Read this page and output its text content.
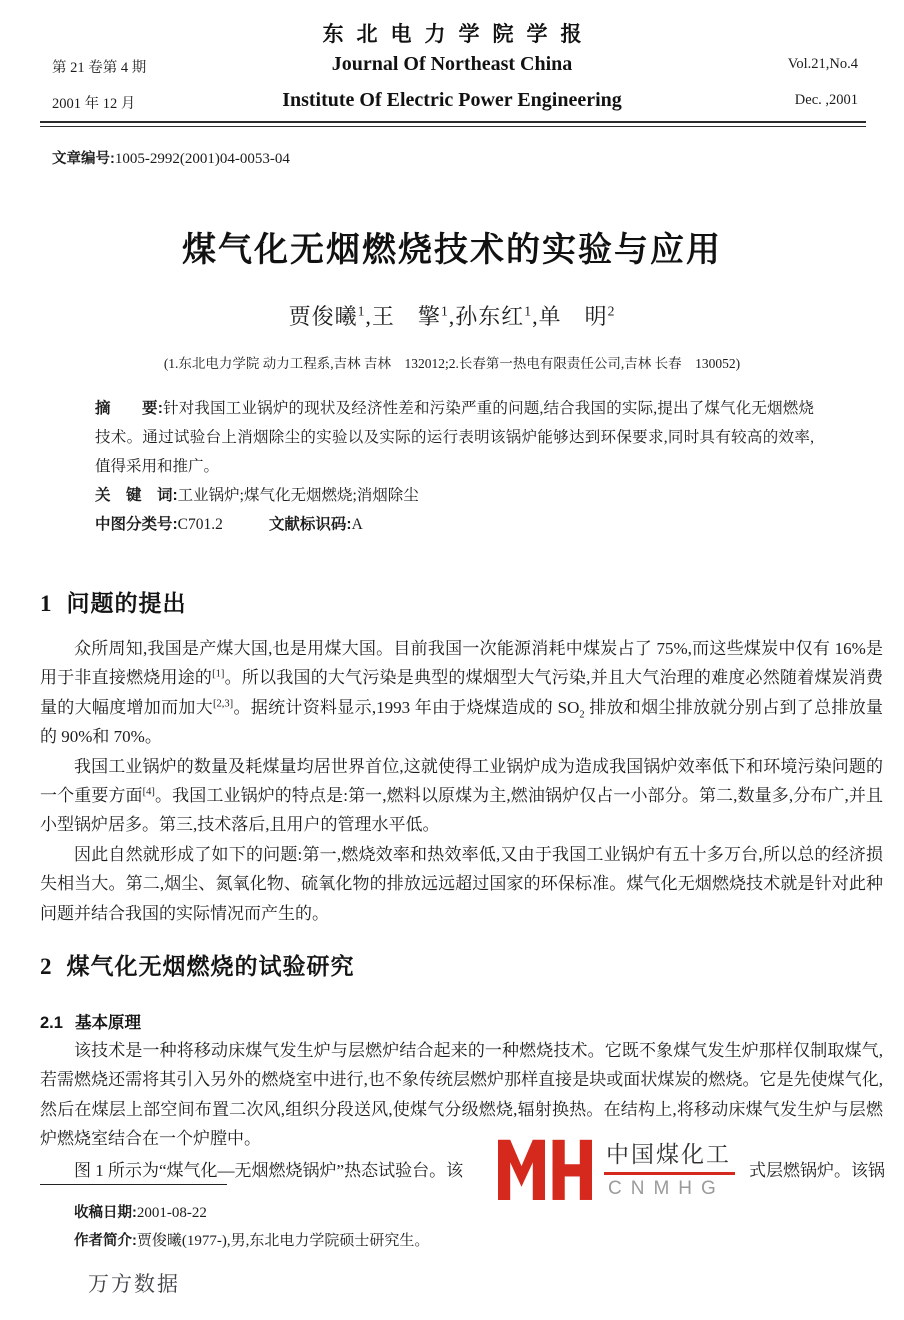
东北电力学院学报
第 21 卷第 4 期	Journal Of Northeast China	Vol.21,No.4
2001 年 12 月	Institute Of Electric Power Engineering	Dec. ,2001
文章编号:1005-2992(2001)04-0053-04
煤气化无烟燃烧技术的实验与应用
贾俊曦$^1$,王　擎$^1$,孙东红$^1$,单　明$^2$
(1.东北电力学院 动力工程系,吉林 吉林　132012;2.长春第一热电有限责任公司,吉林 长春　130052)

摘　　要:针对我国工业锅炉的现状及经济性差和污染严重的问题,结合我国的实际,提出了煤气化无烟燃烧技术。通过试验台上消烟除尘的实验以及实际的运行表明该锅炉能够达到环保要求,同时具有较高的效率,值得采用和推广。

关　键　词:工业锅炉;煤气化无烟燃烧;消烟除尘

中图分类号:C701.2	文献标识码:A

1 问题的提出

众所周知,我国是产煤大国,也是用煤大国。目前我国一次能源消耗中煤炭占了 75%,而这些煤炭中仅有 16%是用于非直接燃烧用途的[1]。所以我国的大气污染是典型的煤烟型大气污染,并且大气治理的难度必然随着煤炭消费量的大幅度增加而加大[2,3]。据统计资料显示,1993 年由于烧煤造成的 $SO_2$ 排放和烟尘排放就分别占到了总排放量的 90%和 70%。

我国工业锅炉的数量及耗煤量均居世界首位,这就使得工业锅炉成为造成我国锅炉效率低下和环境污染问题的一个重要方面[4]。我国工业锅炉的特点是:第一,燃料以原煤为主,燃油锅炉仅占一小部分。第二,数量多,分布广,并且小型锅炉居多。第三,技术落后,且用户的管理水平低。

因此自然就形成了如下的问题:第一,燃烧效率和热效率低,又由于我国工业锅炉有五十多万台,所以总的经济损失相当大。第二,烟尘、氮氧化物、硫氧化物的排放远远超过国家的环保标准。煤气化无烟燃烧技术就是针对此种问题并结合我国的实际情况而产生的。

2 煤气化无烟燃烧的试验研究
2.1 基本原理

该技术是一种将移动床煤气发生炉与层燃炉结合起来的一种燃烧技术。它既不象煤气发生炉那样仅制取煤气,若需燃烧还需将其引入另外的燃烧室中进行,也不象传统层燃炉那样直接是块或面状煤炭的燃烧。它是先使煤气化,然后在煤层上部空间布置二次风,组织分段送风,使煤气分级燃烧,辐射换热。在结构上,将移动床煤气发生炉与层燃炉燃烧室结合在一个炉膛中。

图 1 所示为“煤气化—无烟燃烧锅炉”热态试验台。该	式层燃锅炉。该锅
收稿日期:2001-08-22
作者简介:贾俊曦(1977-),男,东北电力学院硕士研究生。
万方数据
中国煤化工
CNMHG
